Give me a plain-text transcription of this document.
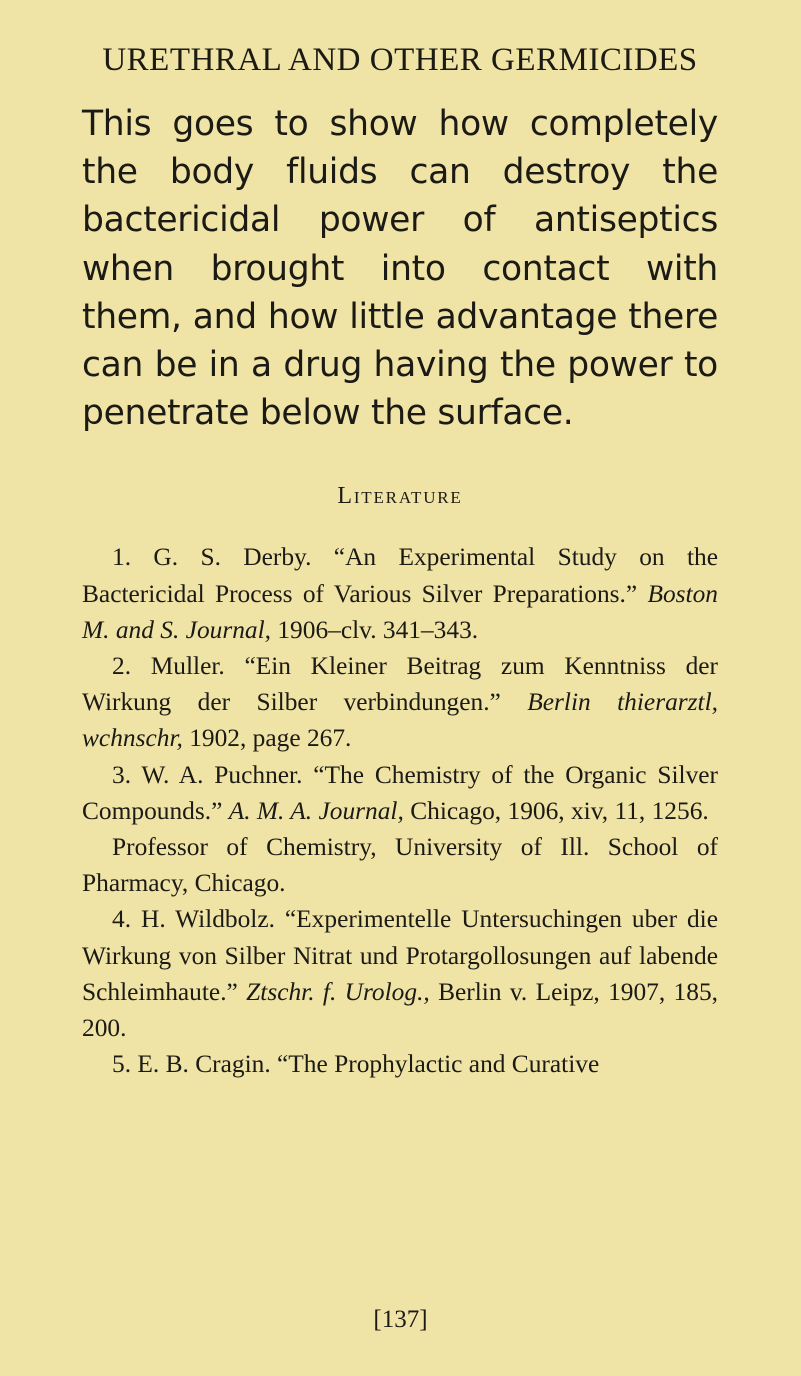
URETHRAL AND OTHER GERMICIDES
This goes to show how completely the body fluids can destroy the bactericidal power of antiseptics when brought into contact with them, and how little advantage there can be in a drug having the power to penetrate below the surface.
Literature

1. G. S. Derby. “An Experimental Study on the Bactericidal Process of Various Silver Preparations.” Boston M. and S. Journal, 1906–clv. 341–343.

2. Muller. “Ein Kleiner Beitrag zum Kenntniss der Wirkung der Silber verbindungen.” Berlin thierarztl, wchnschr, 1902, page 267.

3. W. A. Puchner. “The Chemistry of the Organic Silver Compounds.” A. M. A. Journal, Chicago, 1906, xiv, 11, 1256.

Professor of Chemistry, University of Ill. School of Pharmacy, Chicago.

4. H. Wildbolz. “Experimentelle Untersuchingen uber die Wirkung von Silber Nitrat und Protargollosungen auf labende Schleimhaute.” Ztschr. f. Urolog., Berlin v. Leipz, 1907, 185, 200.

5. E. B. Cragin. “The Prophylactic and Curative

[137]
